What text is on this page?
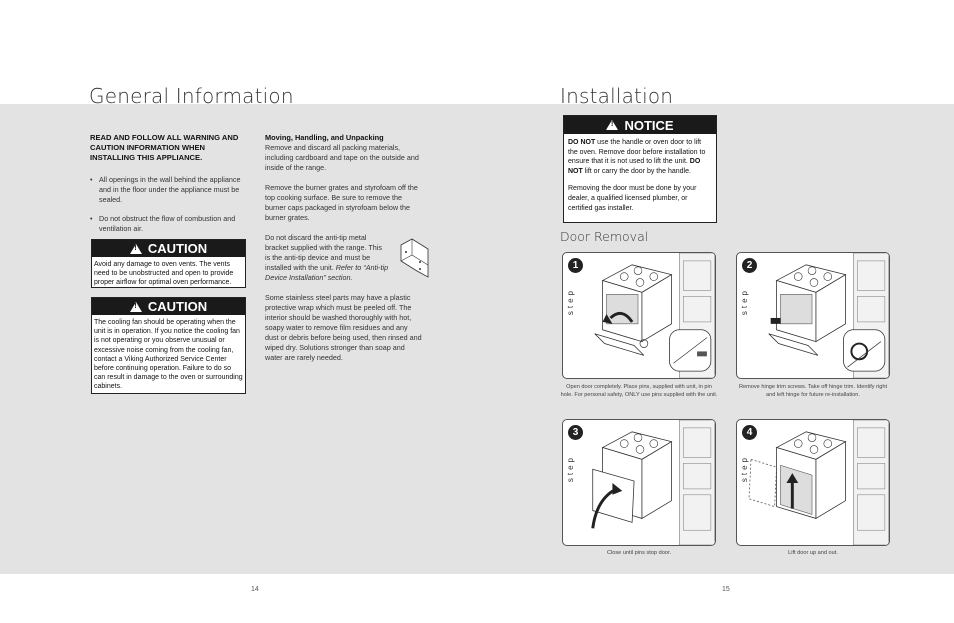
General Information
READ AND FOLLOW ALL WARNING AND CAUTION INFORMATION WHEN INSTALLING THIS APPLIANCE.
• All openings in the wall behind the appliance and in the floor under the appliance must be sealed.
• Do not obstruct the flow of combustion and ventilation air.
! CAUTION
Avoid any damage to oven vents. The vents need to be unobstructed and open to provide proper airflow for optimal oven performance.
! CAUTION
The cooling fan should be operating when the unit is in operation. If you notice the cooling fan is not operating or you observe unusual or excessive noise coming from the cooling fan, contact a Viking Authorized Service Center before continuing operation. Failure to do so can result in damage to the oven or surrounding cabinets.

Moving, Handling, and Unpacking
Remove and discard all packing materials, including cardboard and tape on the outside and inside of the range.

Remove the burner grates and styrofoam off the top cooking surface. Be sure to remove the burner caps packaged in styrofoam below the burner grates.

Do not discard the anti-tip metal bracket supplied with the range. This is the anti-tip device and must be installed with the unit. Refer to “Anti-tip Device Installation” section.

Some stainless steel parts may have a plastic protective wrap which must be peeled off. The interior should be washed thoroughly with hot, soapy water to remove film residues and any dust or debris before being used, then rinsed and wiped dry. Solutions stronger than soap and water are rarely needed.

14
Installation
! NOTICE

DO NOT use the handle or oven door to lift the oven. Remove door before installation to ensure that it is not used to lift the unit. DO NOT lift or carry the door by the handle.

Removing the door must be done by your dealer, a qualified licensed plumber, or certified gas installer.

Door Removal
1
step
Open door completely. Place pins, supplied with unit, in pin hole. For personal safety, ONLY use pins supplied with the unit.
2
step
Remove hinge trim screws. Take off hinge trim. Identify right and left hinge for future re-installation.
3
step
Close until pins stop door.
4
step
Lift door up and out.
15
